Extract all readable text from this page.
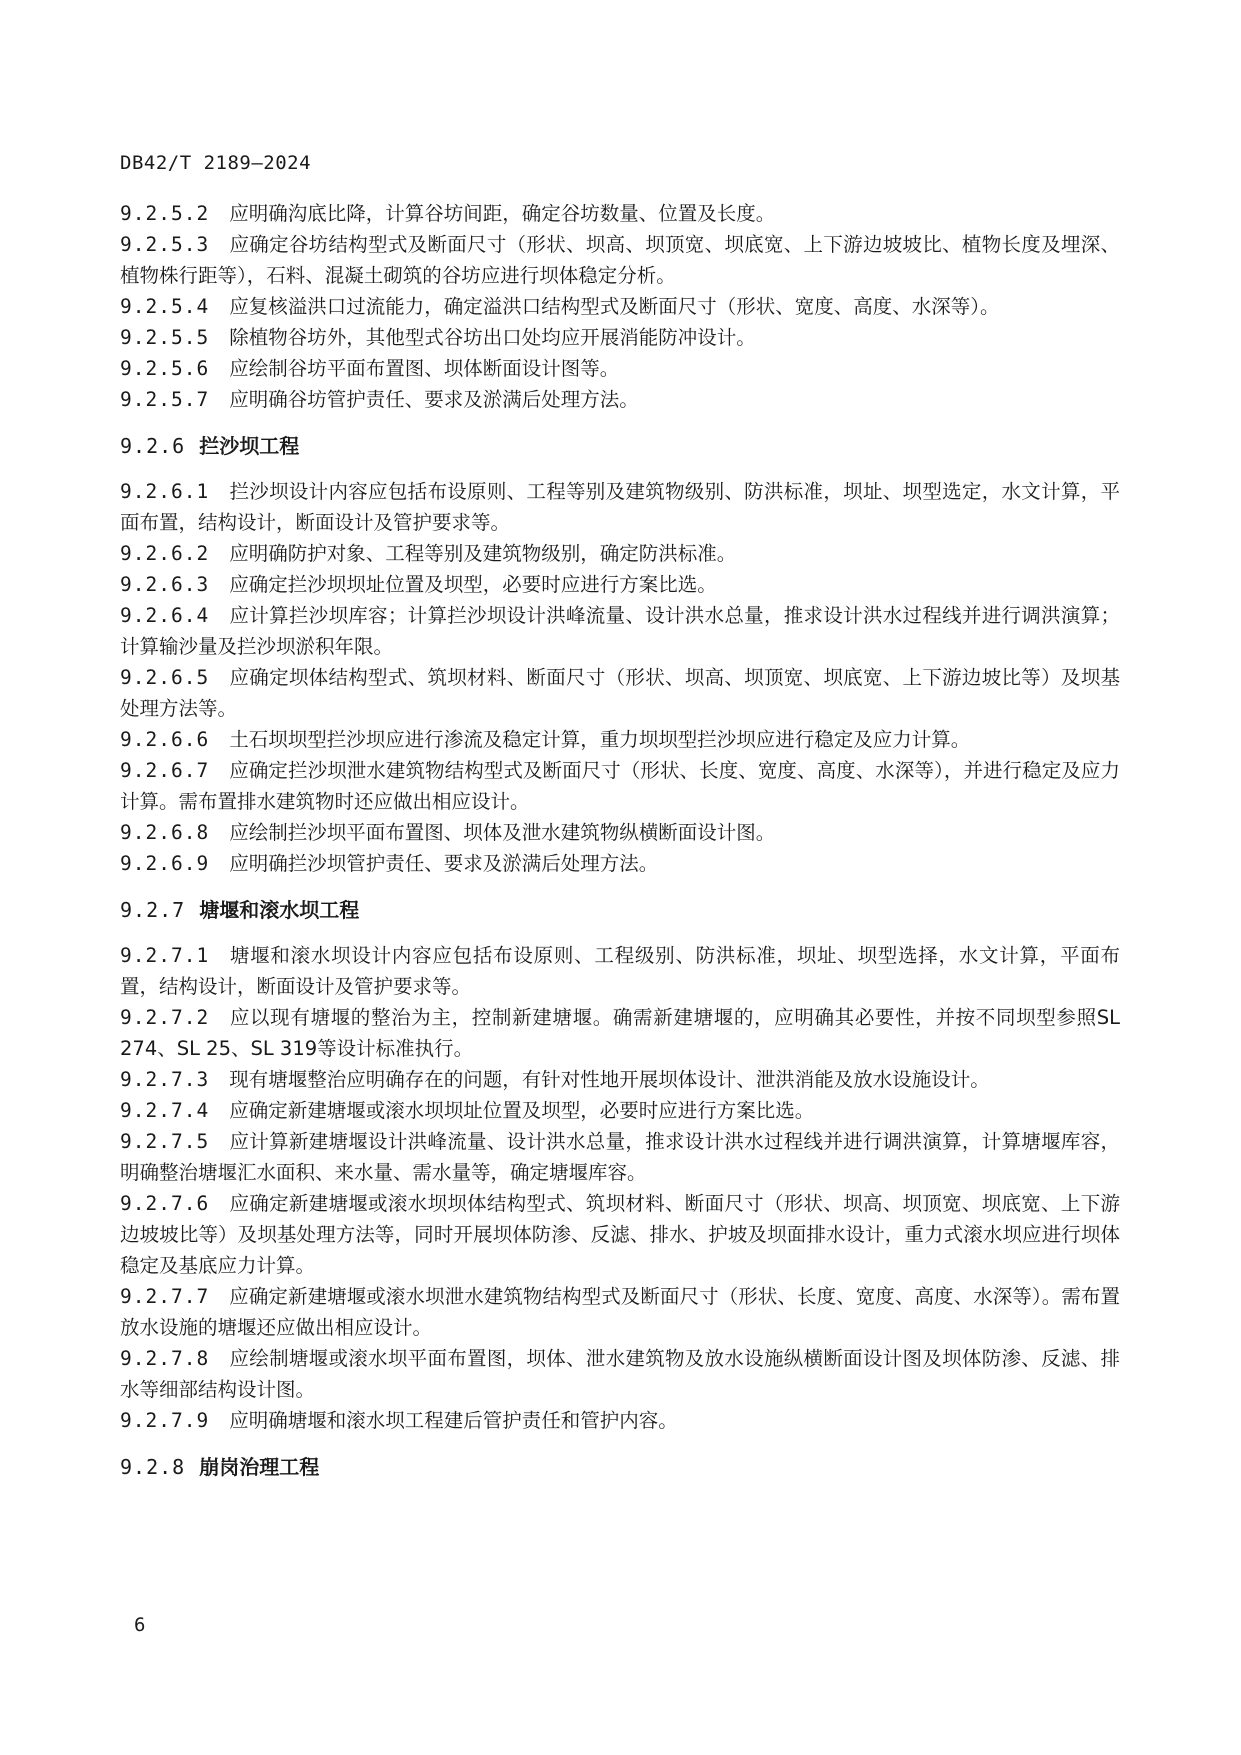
DB42/T 2189—2024

9.2.5.2 应明确沟底比降，计算谷坊间距，确定谷坊数量、位置及长度。

9.2.5.3 应确定谷坊结构型式及断面尺寸（形状、坝高、坝顶宽、坝底宽、上下游边坡坡比、植物长度及埋深、植物株行距等），石料、混凝土砌筑的谷坊应进行坝体稳定分析。

9.2.5.4 应复核溢洪口过流能力，确定溢洪口结构型式及断面尺寸（形状、宽度、高度、水深等）。

9.2.5.5 除植物谷坊外，其他型式谷坊出口处均应开展消能防冲设计。

9.2.5.6 应绘制谷坊平面布置图、坝体断面设计图等。

9.2.5.7 应明确谷坊管护责任、要求及淤满后处理方法。

9.2.6 拦沙坝工程

9.2.6.1 拦沙坝设计内容应包括布设原则、工程等别及建筑物级别、防洪标准，坝址、坝型选定，水文计算，平面布置，结构设计，断面设计及管护要求等。

9.2.6.2 应明确防护对象、工程等别及建筑物级别，确定防洪标准。

9.2.6.3 应确定拦沙坝坝址位置及坝型，必要时应进行方案比选。

9.2.6.4 应计算拦沙坝库容；计算拦沙坝设计洪峰流量、设计洪水总量，推求设计洪水过程线并进行调洪演算；计算输沙量及拦沙坝淤积年限。

9.2.6.5 应确定坝体结构型式、筑坝材料、断面尺寸（形状、坝高、坝顶宽、坝底宽、上下游边坡比等）及坝基处理方法等。

9.2.6.6 土石坝坝型拦沙坝应进行渗流及稳定计算，重力坝坝型拦沙坝应进行稳定及应力计算。

9.2.6.7 应确定拦沙坝泄水建筑物结构型式及断面尺寸（形状、长度、宽度、高度、水深等），并进行稳定及应力计算。需布置排水建筑物时还应做出相应设计。

9.2.6.8 应绘制拦沙坝平面布置图、坝体及泄水建筑物纵横断面设计图。

9.2.6.9 应明确拦沙坝管护责任、要求及淤满后处理方法。

9.2.7 塘堰和滚水坝工程

9.2.7.1 塘堰和滚水坝设计内容应包括布设原则、工程级别、防洪标准，坝址、坝型选择，水文计算，平面布置，结构设计，断面设计及管护要求等。

9.2.7.2 应以现有塘堰的整治为主，控制新建塘堰。确需新建塘堰的，应明确其必要性，并按不同坝型参照SL 274、SL 25、SL 319等设计标准执行。

9.2.7.3 现有塘堰整治应明确存在的问题，有针对性地开展坝体设计、泄洪消能及放水设施设计。

9.2.7.4 应确定新建塘堰或滚水坝坝址位置及坝型，必要时应进行方案比选。

9.2.7.5 应计算新建塘堰设计洪峰流量、设计洪水总量，推求设计洪水过程线并进行调洪演算，计算塘堰库容，明确整治塘堰汇水面积、来水量、需水量等，确定塘堰库容。

9.2.7.6 应确定新建塘堰或滚水坝坝体结构型式、筑坝材料、断面尺寸（形状、坝高、坝顶宽、坝底宽、上下游边坡坡比等）及坝基处理方法等，同时开展坝体防渗、反滤、排水、护坡及坝面排水设计，重力式滚水坝应进行坝体稳定及基底应力计算。

9.2.7.7 应确定新建塘堰或滚水坝泄水建筑物结构型式及断面尺寸（形状、长度、宽度、高度、水深等）。需布置放水设施的塘堰还应做出相应设计。

9.2.7.8 应绘制塘堰或滚水坝平面布置图，坝体、泄水建筑物及放水设施纵横断面设计图及坝体防渗、反滤、排水等细部结构设计图。

9.2.7.9 应明确塘堰和滚水坝工程建后管护责任和管护内容。

9.2.8 崩岗治理工程
6
